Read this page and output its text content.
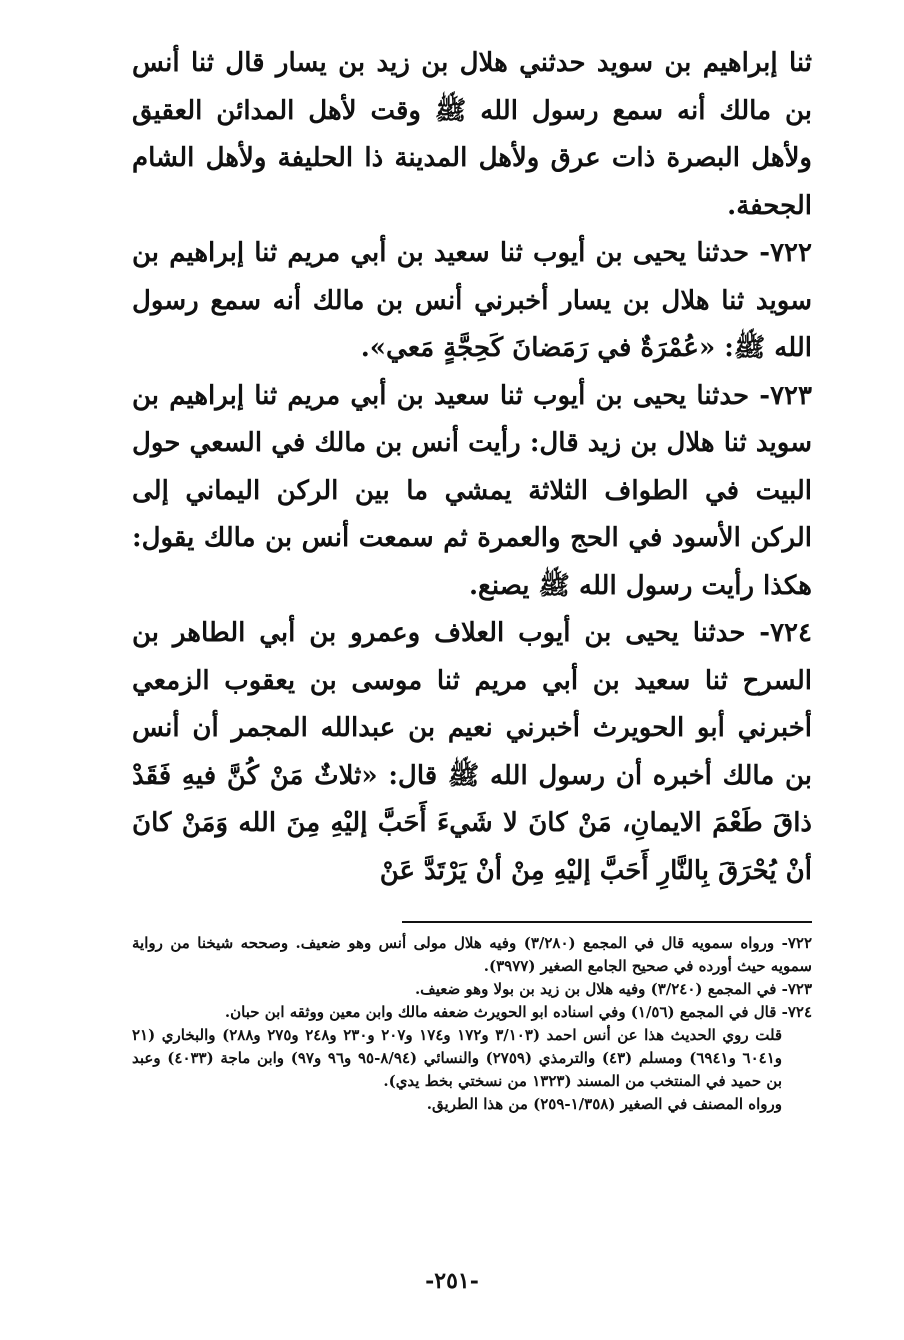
ثنا إبراهيم بن سويد حدثني هلال بن زيد بن يسار قال ثنا أنس بن مالك أنه سمع رسول الله ﷺ وقت لأهل المدائن العقيق ولأهل البصرة ذات عرق ولأهل المدينة ذا الحليفة ولأهل الشام الجحفة.

٧٢٢- حدثنا يحيى بن أيوب ثنا سعيد بن أبي مريم ثنا إبراهيم بن سويد ثنا هلال بن يسار أخبرني أنس بن مالك أنه سمع رسول الله ﷺ: «عُمْرَةٌ في رَمَضانَ كَحِجَّةٍ مَعي».

٧٢٣- حدثنا يحيى بن أيوب ثنا سعيد بن أبي مريم ثنا إبراهيم بن سويد ثنا هلال بن زيد قال: رأيت أنس بن مالك في السعي حول البيت في الطواف الثلاثة يمشي ما بين الركن اليماني إلى الركن الأسود في الحج والعمرة ثم سمعت أنس بن مالك يقول: هكذا رأيت رسول الله ﷺ يصنع.

٧٢٤- حدثنا يحيى بن أيوب العلاف وعمرو بن أبي الطاهر بن السرح ثنا سعيد بن أبي مريم ثنا موسى بن يعقوب الزمعي أخبرني أبو الحويرث أخبرني نعيم بن عبدالله المجمر أن أنس بن مالك أخبره أن رسول الله ﷺ قال: «ثلاثٌ مَنْ كُنَّ فيهِ فَقَدْ ذاقَ طَعْمَ الايمانِ، مَنْ كانَ لا شَيءَ أَحَبَّ إليْهِ مِنَ الله وَمَنْ كانَ أنْ يُحْرَقَ بِالنَّارِ أَحَبَّ إليْهِ مِنْ أنْ يَرْتَدَّ عَنْ

٧٢٢- ورواه سمويه قال في المجمع (٣/٢٨٠) وفيه هلال مولى أنس وهو ضعيف. وصححه شيخنا من رواية سمويه حيث أورده في صحيح الجامع الصغير (٣٩٧٧).

٧٢٣- في المجمع (٣/٢٤٠) وفيه هلال بن زيد بن بولا وهو ضعيف.

٧٢٤- قال في المجمع (١/٥٦) وفي اسناده ابو الحويرث ضعفه مالك وابن معين ووثقه ابن حبان.

قلت روي الحديث هذا عن أنس احمد (٣/١٠٣ و١٧٢ و١٧٤ و٢٠٧ و٢٣٠ و٢٤٨ و٢٧٥ و٢٨٨) والبخاري (٢١ و٦٠٤١ و٦٩٤١) ومسلم (٤٣) والترمذي (٢٧٥٩) والنسائي (٨/٩٤-٩٥ و٩٦ و٩٧) وابن ماجة (٤٠٣٣) وعبد بن حميد في المنتخب من المسند (١٣٢٣ من نسختي بخط يدي).

ورواه المصنف في الصغير (١/٣٥٨-٢٥٩) من هذا الطريق.

-٢٥١-
